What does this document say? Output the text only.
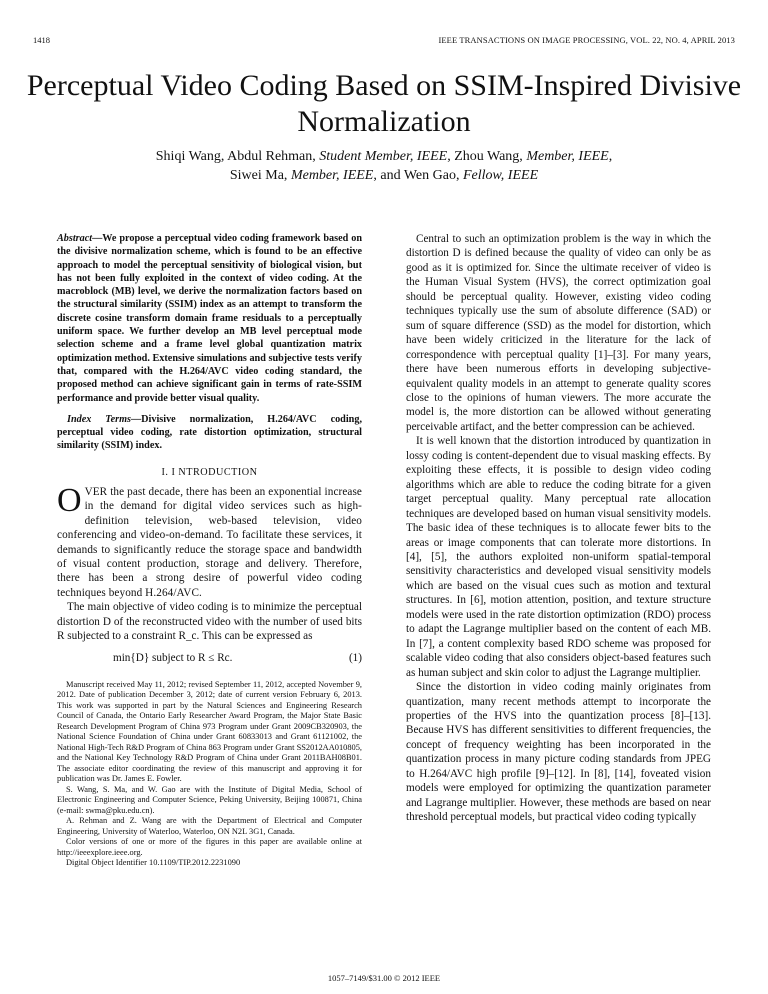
1418	IEEE TRANSACTIONS ON IMAGE PROCESSING, VOL. 22, NO. 4, APRIL 2013
Perceptual Video Coding Based on SSIM-Inspired Divisive Normalization
Shiqi Wang, Abdul Rehman, Student Member, IEEE, Zhou Wang, Member, IEEE,
Siwei Ma, Member, IEEE, and Wen Gao, Fellow, IEEE

Abstract—We propose a perceptual video coding framework based on the divisive normalization scheme, which is found to be an effective approach to model the perceptual sensitivity of biological vision, but has not been fully exploited in the context of video coding. At the macroblock (MB) level, we derive the normalization factors based on the structural similarity (SSIM) index as an attempt to transform the discrete cosine transform domain frame residuals to a perceptually uniform space. We further develop an MB level perceptual mode selection scheme and a frame level global quantization matrix optimization method. Extensive simulations and subjective tests verify that, compared with the H.264/AVC video coding standard, the proposed method can achieve significant gain in terms of rate-SSIM performance and provide better visual quality.

Index Terms—Divisive normalization, H.264/AVC coding, perceptual video coding, rate distortion optimization, structural similarity (SSIM) index.

I. I NTRODUCTION

OVER the past decade, there has been an exponential increase in the demand for digital video services such as high-definition television, web-based television, video conferencing and video-on-demand. To facilitate these services, it demands to significantly reduce the storage space and bandwidth of visual content production, storage and delivery. Therefore, there has been a strong desire of powerful video coding techniques beyond H.264/AVC.

The main objective of video coding is to minimize the perceptual distortion D of the reconstructed video with the number of used bits R subjected to a constraint R_c. This can be expressed as

min{D} subject to R ≤ Rc.	(1)

Manuscript received May 11, 2012; revised September 11, 2012, accepted November 9, 2012. Date of publication December 3, 2012; date of current version February 6, 2013. This work was supported in part by the Natural Sciences and Engineering Research Council of Canada, the Ontario Early Researcher Award Program, the Major State Basic Research Development Program of China 973 Program under Grant 2009CB320903, the National Science Foundation of China under Grant 60833013 and Grant 61121002, the National High-Tech R&D Program of China 863 Program under Grant SS2012AA010805, and the National Key Technology R&D Program of China under Grant 2011BAH08B01. The associate editor coordinating the review of this manuscript and approving it for publication was Dr. James E. Fowler.

S. Wang, S. Ma, and W. Gao are with the Institute of Digital Media, School of Electronic Engineering and Computer Science, Peking University, Beijing 100871, China (e-mail: swma@pku.edu.cn).

A. Rehman and Z. Wang are with the Department of Electrical and Computer Engineering, University of Waterloo, Waterloo, ON N2L 3G1, Canada.

Color versions of one or more of the figures in this paper are available online at http://ieeexplore.ieee.org.

Digital Object Identifier 10.1109/TIP.2012.2231090

Central to such an optimization problem is the way in which the distortion D is defined because the quality of video can only be as good as it is optimized for. Since the ultimate receiver of video is the Human Visual System (HVS), the correct optimization goal should be perceptual quality. However, existing video coding techniques typically use the sum of absolute difference (SAD) or sum of square difference (SSD) as the model for distortion, which have been widely criticized in the literature for the lack of correspondence with perceptual quality [1]–[3]. For many years, there have been numerous efforts in developing subjective-equivalent quality models in an attempt to generate quality scores close to the opinions of human viewers. The more accurate the model is, the more distortion can be allowed without generating perceivable artifact, and the better compression can be achieved.

It is well known that the distortion introduced by quantization in lossy coding is content-dependent due to visual masking effects. By exploiting these effects, it is possible to design video coding algorithms which are able to reduce the coding bitrate for a given target perceptual quality. Many perceptual rate allocation techniques are developed based on human visual sensitivity models. The basic idea of these techniques is to allocate fewer bits to the areas or image components that can tolerate more distortions. In [4], [5], the authors exploited non-uniform spatial-temporal sensitivity characteristics and developed visual sensitivity models which are based on the visual cues such as motion and textural structures. In [6], motion attention, position, and texture structure models were used in the rate distortion optimization (RDO) process to adapt the Lagrange multiplier based on the content of each MB. In [7], a content complexity based RDO scheme was proposed for scalable video coding that also considers object-based features such as human subject and skin color to adjust the Lagrange multiplier.

Since the distortion in video coding mainly originates from quantization, many recent methods attempt to incorporate the properties of the HVS into the quantization process [8]–[13]. Because HVS has different sensitivities to different frequencies, the concept of frequency weighting has been incorporated in the quantization process in many picture coding standards from JPEG to H.264/AVC high profile [9]–[12]. In [8], [14], foveated vision models were employed for optimizing the quantization parameter and Lagrange multiplier. However, these methods are based on near threshold perceptual models, but practical video coding typically

1057–7149/$31.00 © 2012 IEEE
